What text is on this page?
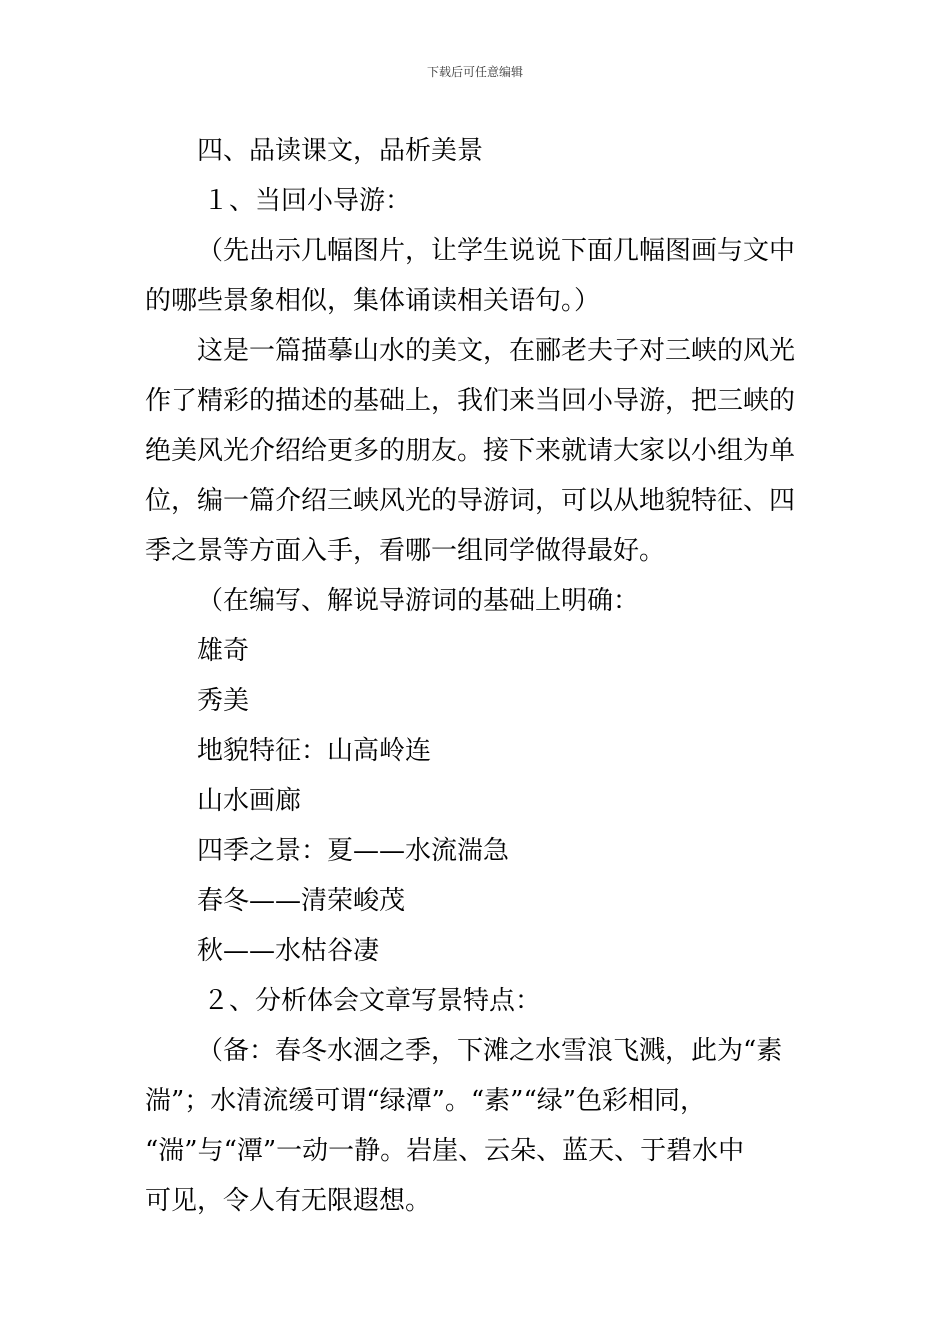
下载后可任意编辑

四、品读课文，品析美景

１、当回小导游：

（先出示几幅图片，让学生说说下面几幅图画与文中

的哪些景象相似，集体诵读相关语句。）

这是一篇描摹山水的美文，在郦老夫子对三峡的风光

作了精彩的描述的基础上，我们来当回小导游，把三峡的

绝美风光介绍给更多的朋友。接下来就请大家以小组为单

位，编一篇介绍三峡风光的导游词，可以从地貌特征、四

季之景等方面入手，看哪一组同学做得最好。

（在编写、解说导游词的基础上明确：

雄奇

秀美

地貌特征：山高岭连

山水画廊

四季之景：夏——水流湍急

春冬——清荣峻茂

秋——水枯谷凄

２、分析体会文章写景特点：

（备：春冬水涸之季，下滩之水雪浪飞溅，此为“素

湍”；水清流缓可谓“绿潭”。“素”“绿”色彩相同，

“湍”与“潭”一动一静。岩崖、云朵、蓝天、于碧水中

可见，令人有无限遐想。
